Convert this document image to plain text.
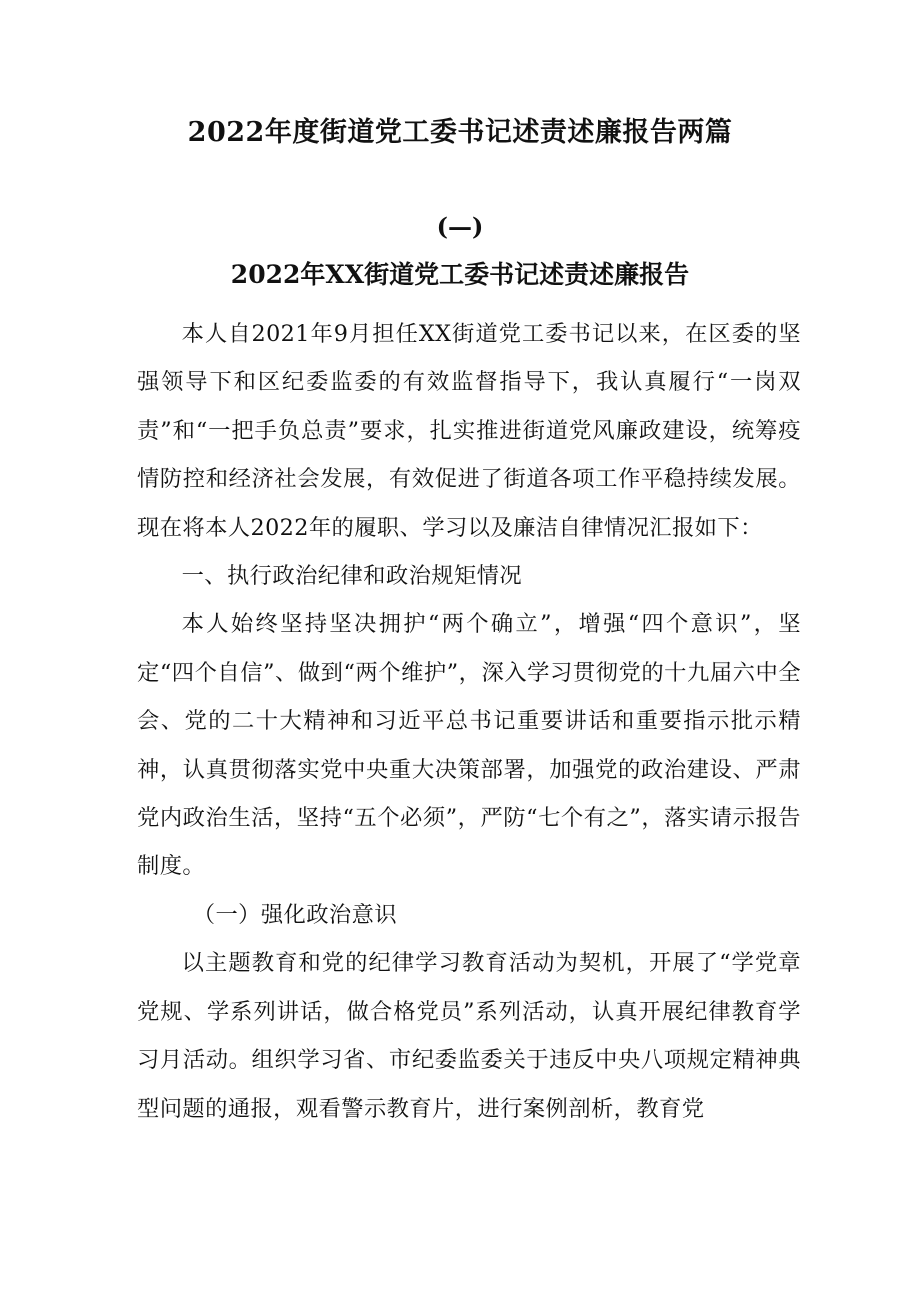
2022年度街道党工委书记述责述廉报告两篇
(—)
2022年XX街道党工委书记述责述廉报告

本人自2021年9月担任XX街道党工委书记以来，在区委的坚强领导下和区纪委监委的有效监督指导下，我认真履行“一岗双责”和“一把手负总责”要求，扎实推进街道党风廉政建设，统筹疫情防控和经济社会发展，有效促进了街道各项工作平稳持续发展。现在将本人2022年的履职、学习以及廉洁自律情况汇报如下：

一、执行政治纪律和政治规矩情况

本人始终坚持坚决拥护“两个确立”，增强“四个意识”，坚定“四个自信”、做到“两个维护”，深入学习贯彻党的十九届六中全会、党的二十大精神和习近平总书记重要讲话和重要指示批示精神，认真贯彻落实党中央重大决策部署，加强党的政治建设、严肃党内政治生活，坚持“五个必须”，严防“七个有之”，落实请示报告制度。

（一）强化政治意识

以主题教育和党的纪律学习教育活动为契机，开展了“学党章党规、学系列讲话，做合格党员”系列活动，认真开展纪律教育学习月活动。组织学习省、市纪委监委关于违反中央八项规定精神典型问题的通报，观看警示教育片，进行案例剖析，教育党
